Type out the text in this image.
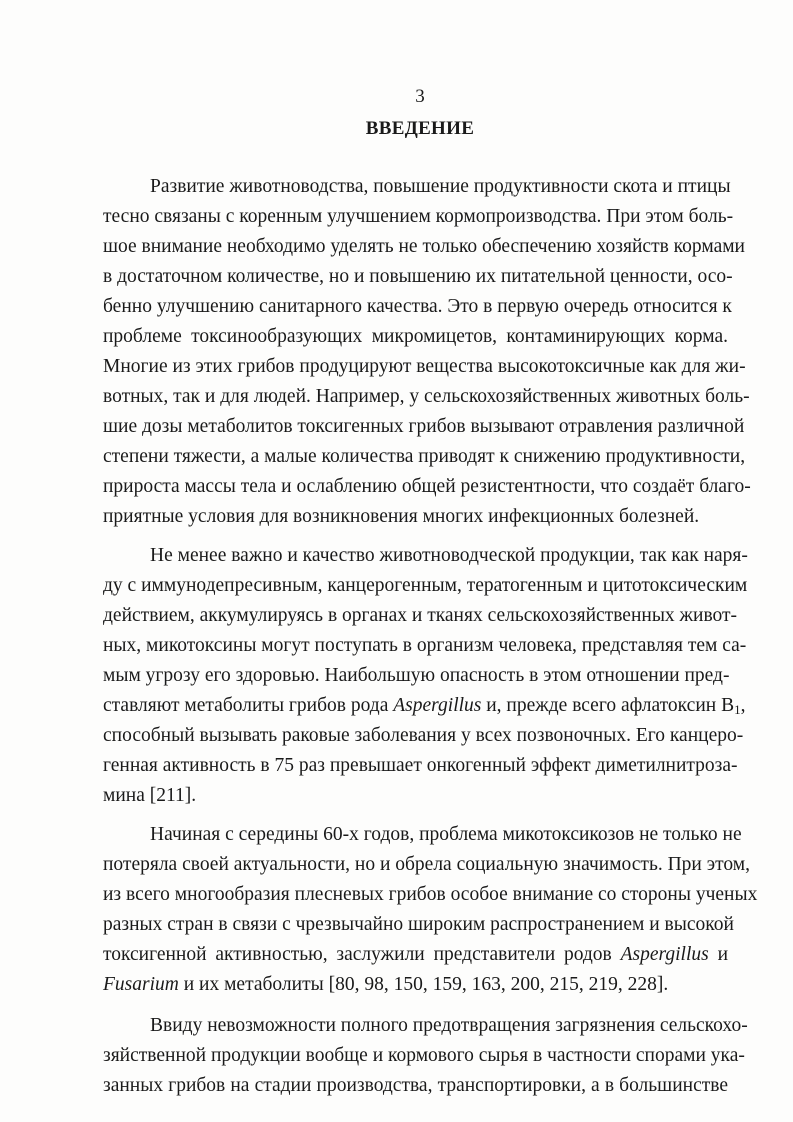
3
ВВЕДЕНИЕ
Развитие животноводства, повышение продуктивности скота и птицы
тесно связаны с коренным улучшением кормопроизводства. При этом боль-
шое внимание необходимо уделять не только обеспечению хозяйств кормами
в достаточном количестве, но и повышению их питательной ценности, осо-
бенно улучшению санитарного качества. Это в первую очередь относится к
проблеме токсинообразующих микромицетов, контаминирующих корма.
Многие из этих грибов продуцируют вещества высокотоксичные как для жи-
вотных, так и для людей. Например, у сельскохозяйственных животных боль-
шие дозы метаболитов токсигенных грибов вызывают отравления различной
степени тяжести, а малые количества приводят к снижению продуктивности,
прироста массы тела и ослаблению общей резистентности, что создаёт благо-
приятные условия для возникновения многих инфекционных болезней.
Не менее важно и качество животноводческой продукции, так как наря-
ду с иммунодепресивным, канцерогенным, тератогенным и цитотоксическим
действием, аккумулируясь в органах и тканях сельскохозяйственных живот-
ных, микотоксины могут поступать в организм человека, представляя тем са-
мым угрозу его здоровью. Наибольшую опасность в этом отношении пред-
ставляют метаболиты грибов рода Aspergillus и, прежде всего афлатоксин $B_1$,
способный вызывать раковые заболевания у всех позвоночных. Его канцеро-
генная активность в 75 раз превышает онкогенный эффект диметилнитроза-
мина [211].
Начиная с середины 60-х годов, проблема микотоксикозов не только не
потеряла своей актуальности, но и обрела социальную значимость. При этом,
из всего многообразия плесневых грибов особое внимание со стороны ученых
разных стран в связи с чрезвычайно широким распространением и высокой
токсигенной активностью, заслужили представители родов Aspergillus и
Fusarium и их метаболиты [80, 98, 150, 159, 163, 200, 215, 219, 228].
Ввиду невозможности полного предотвращения загрязнения сельскохо-
зяйственной продукции вообще и кормового сырья в частности спорами ука-
занных грибов на стадии производства, транспортировки, а в большинстве
